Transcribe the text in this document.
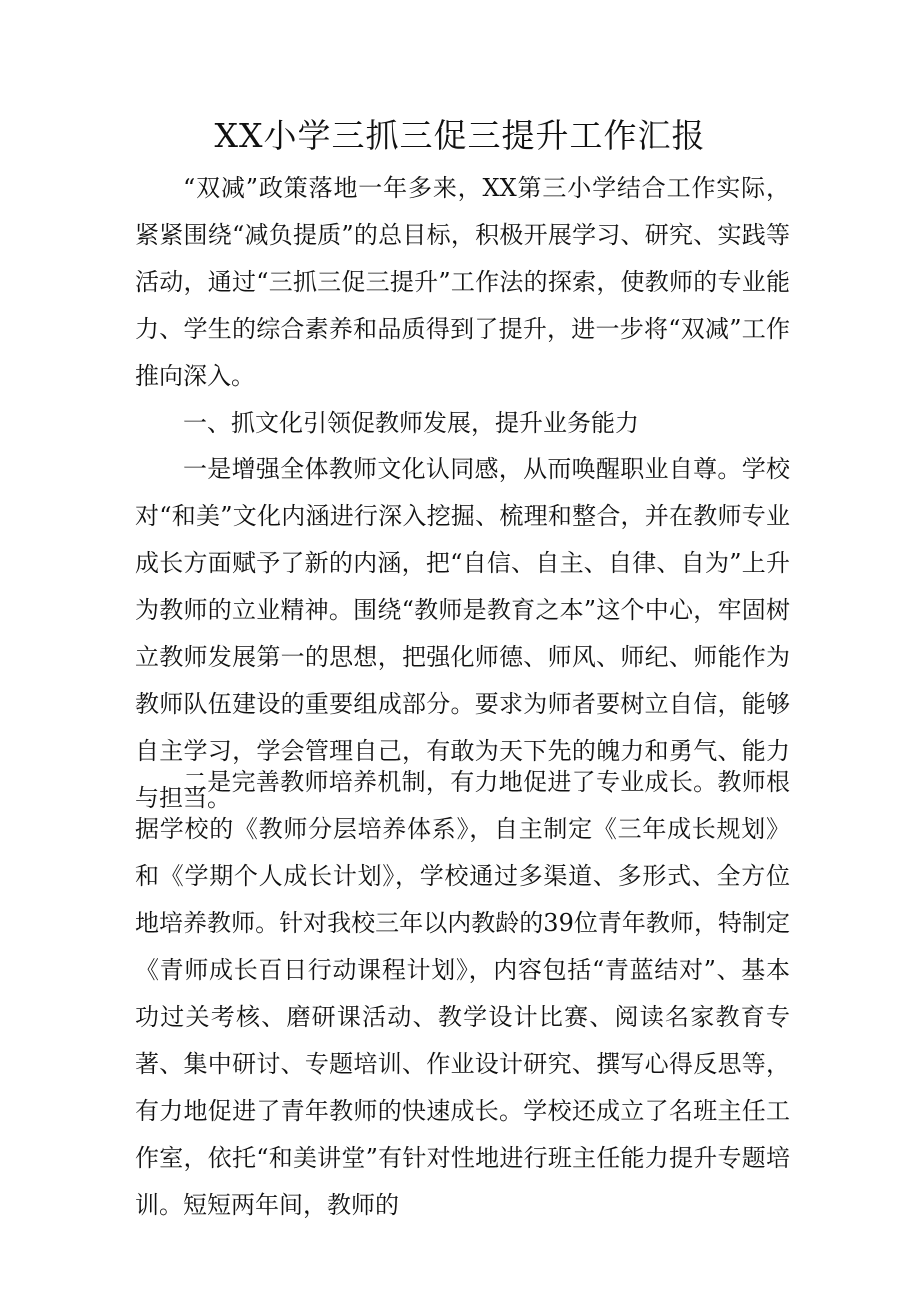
XX小学三抓三促三提升工作汇报

“双减”政策落地一年多来，XX第三小学结合工作实际，紧紧围绕“减负提质”的总目标，积极开展学习、研究、实践等活动，通过“三抓三促三提升”工作法的探索，使教师的专业能力、学生的综合素养和品质得到了提升，进一步将“双减”工作推向深入。

一、抓文化引领促教师发展，提升业务能力

一是增强全体教师文化认同感，从而唤醒职业自尊。学校对“和美”文化内涵进行深入挖掘、梳理和整合，并在教师专业成长方面赋予了新的内涵，把“自信、自主、自律、自为”上升为教师的立业精神。围绕“教师是教育之本”这个中心，牢固树立教师发展第一的思想，把强化师德、师风、师纪、师能作为教师队伍建设的重要组成部分。要求为师者要树立自信，能够自主学习，学会管理自己，有敢为天下先的魄力和勇气、能力与担当。

二是完善教师培养机制，有力地促进了专业成长。教师根据学校的《教师分层培养体系》，自主制定《三年成长规划》和《学期个人成长计划》，学校通过多渠道、多形式、全方位地培养教师。针对我校三年以内教龄的39位青年教师，特制定《青师成长百日行动课程计划》，内容包括“青蓝结对”、基本功过关考核、磨研课活动、教学设计比赛、阅读名家教育专著、集中研讨、专题培训、作业设计研究、撰写心得反思等，有力地促进了青年教师的快速成长。学校还成立了名班主任工作室，依托“和美讲堂”有针对性地进行班主任能力提升专题培训。短短两年间，教师的
